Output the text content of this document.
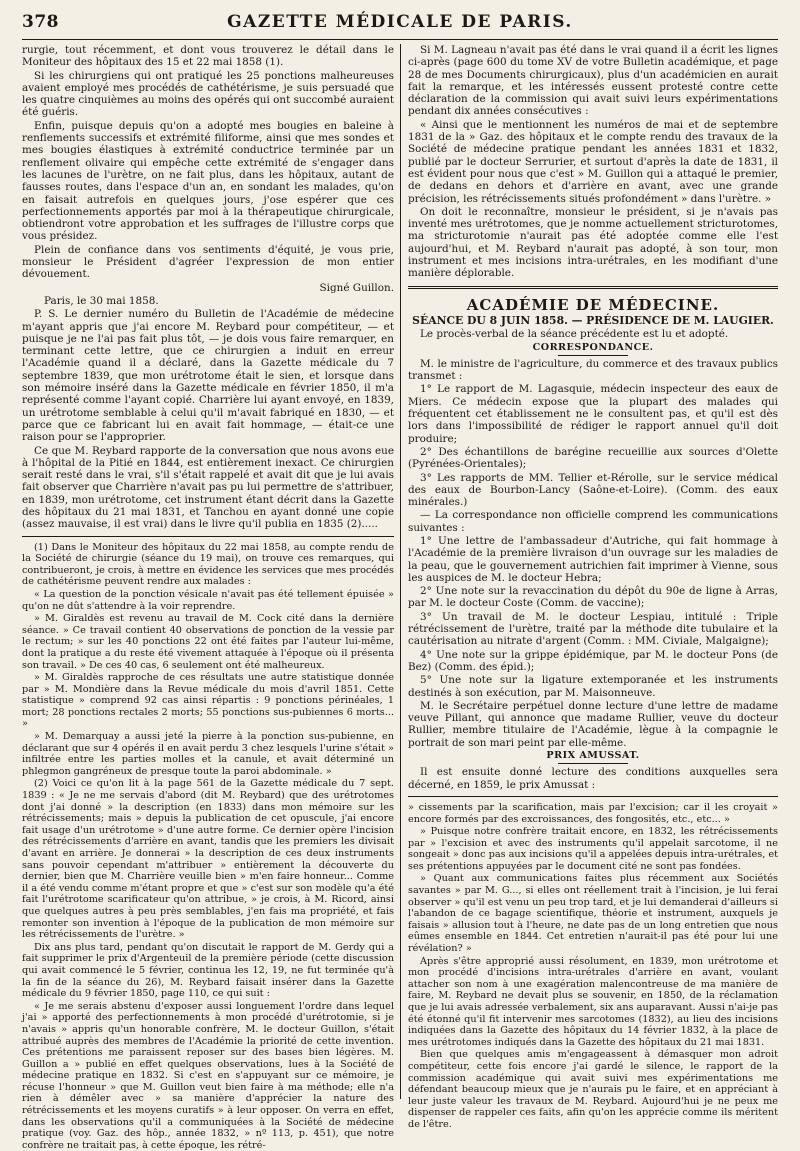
378	GAZETTE MÉDICALE DE PARIS.

rurgie, tout récemment, et dont vous trouverez le détail dans le Moniteur des hôpitaux des 15 et 22 mai 1858 (1).

Si les chirurgiens qui ont pratiqué les 25 ponctions malheureuses avaient employé mes procédés de cathétérisme, je suis persuadé que les quatre cinquièmes au moins des opérés qui ont succombé auraient été guéris.

Enfin, puisque depuis qu'on a adopté mes bougies en baleine à renflements successifs et extrémité filiforme, ainsi que mes sondes et mes bougies élastiques à extrémité conductrice terminée par un renflement olivaire qui empêche cette extrémité de s'engager dans les lacunes de l'urètre, on ne fait plus, dans les hôpitaux, autant de fausses routes, dans l'espace d'un an, en sondant les malades, qu'on en faisait autrefois en quelques jours, j'ose espérer que ces perfectionnements apportés par moi à la thérapeutique chirurgicale, obtiendront votre approbation et les suffrages de l'illustre corps que vous présidez.

Plein de confiance dans vos sentiments d'équité, je vous prie, monsieur le Président d'agréer l'expression de mon entier dévouement.

Signé Guillon.

Paris, le 30 mai 1858.

P. S. Le dernier numéro du Bulletin de l'Académie de médecine m'ayant appris que j'ai encore M. Reybard pour compétiteur, — et puisque je ne l'ai pas fait plus tôt, — je dois vous faire remarquer, en terminant cette lettre, que ce chirurgien a induit en erreur l'Académie quand il a déclaré, dans la Gazette médicale du 7 septembre 1839, que mon urétrotome était le sien, et lorsque dans son mémoire inséré dans la Gazette médicale en février 1850, il m'a représenté comme l'ayant copié. Charrière lui ayant envoyé, en 1839, un urétrotome semblable à celui qu'il m'avait fabriqué en 1830, — et parce que ce fabricant lui en avait fait hommage, — était-ce une raison pour se l'approprier.

Ce que M. Reybard rapporte de la conversation que nous avons eue à l'hôpital de la Pitié en 1844, est entièrement inexact. Ce chirurgien serait resté dans le vrai, s'il s'était rappelé et avait dit que je lui avais fait observer que Charrière n'avait pas pu lui permettre de s'attribuer, en 1839, mon urétrotome, cet instrument étant décrit dans la Gazette des hôpitaux du 21 mai 1831, et Tanchou en ayant donné une copie (assez mauvaise, il est vrai) dans le livre qu'il publia en 1835 (2).....

(1) Dans le Moniteur des hôpitaux du 22 mai 1858, au compte rendu de la Société de chirurgie (séance du 19 mai), on trouve ces remarques, qui contribueront, je crois, à mettre en évidence les services que mes procédés de cathétérisme peuvent rendre aux malades :

« La question de la ponction vésicale n'avait pas été tellement épuisée » qu'on ne dût s'attendre à la voir reprendre.

» M. Giraldès est revenu au travail de M. Cock cité dans la dernière séance. » Ce travail contient 40 observations de ponction de la vessie par le rectum; » sur les 40 ponctions 22 ont été faites par l'auteur lui-même, dont la pratique a du reste été vivement attaquée à l'époque où il présenta son travail. » De ces 40 cas, 6 seulement ont été malheureux.

» M. Giraldès rapproche de ces résultats une autre statistique donnée par » M. Mondière dans la Revue médicale du mois d'avril 1851. Cette statistique » comprend 92 cas ainsi répartis : 9 ponctions périnéales, 1 mort; 28 ponctions rectales 2 morts; 55 ponctions sus-pubiennes 6 morts... »

» M. Demarquay a aussi jeté la pierre à la ponction sus-pubienne, en déclarant que sur 4 opérés il en avait perdu 3 chez lesquels l'urine s'était » infiltrée entre les parties molles et la canule, et avait déterminé un phlegmon gangréneux de presque toute la paroi abdominale. »

(2) Voici ce qu'on lit à la page 561 de la Gazette médicale du 7 sept. 1839 : « Je ne me servais d'abord (dit M. Reybard) que des urétrotomes dont j'ai donné » la description (en 1833) dans mon mémoire sur les rétrécissements; mais » depuis la publication de cet opuscule, j'ai encore fait usage d'un urétrotome » d'une autre forme. Ce dernier opère l'incision des rétrécissements d'arrière en avant, tandis que les premiers les divisait d'avant en arrière. Je donnerai » la description de ces deux instruments sans pouvoir cependant m'attribuer » entièrement la découverte du dernier, bien que M. Charrière veuille bien » m'en faire honneur... Comme il a été vendu comme m'étant propre et que » c'est sur son modèle qu'a été fait l'urétrotome scarificateur qu'on attribue, » je crois, à M. Ricord, ainsi que quelques autres à peu près semblables, j'en fais ma propriété, et fais remonter son invention à l'époque de la publication de mon mémoire sur les rétrécissements de l'urètre. »

Dix ans plus tard, pendant qu'on discutait le rapport de M. Gerdy qui a fait supprimer le prix d'Argenteuil de la première période (cette discussion qui avait commencé le 5 février, continua les 12, 19, ne fut terminée qu'à la fin de la séance du 26), M. Reybard faisait insérer dans la Gazette médicale du 9 février 1850, page 110, ce qui suit :

« Je me serais abstenu d'exposer aussi longuement l'ordre dans lequel j'ai » apporté des perfectionnements à mon procédé d'urétrotomie, si je n'avais » appris qu'un honorable confrère, M. le docteur Guillon, s'était attribué auprès des membres de l'Académie la priorité de cette invention. Ces prétentions me paraissent reposer sur des bases bien légères. M. Guillon a » publié en effet quelques observations, lues à la Société de médecine pratique en 1832. Si c'est en s'appuyant sur ce mémoire, je récuse l'honneur » que M. Guillon veut bien faire à ma méthode; elle n'a rien à démêler avec » sa manière d'apprécier la nature des rétrécissements et les moyens curatifs » à leur opposer. On verra en effet, dans les observations qu'il a communiquées à la Société de médecine pratique (voy. Gaz. des hôp., année 1832, » nº 113, p. 451), que notre confrère ne traitait pas, à cette époque, les rétré-

Si M. Lagneau n'avait pas été dans le vrai quand il a écrit les lignes ci-après (page 600 du tome XV de votre Bulletin académique, et page 28 de mes Documents chirurgicaux), plus d'un académicien en aurait fait la remarque, et les intéressés eussent protesté contre cette déclaration de la commission qui avait suivi leurs expérimentations pendant dix années consécutives :

« Ainsi que le mentionnent les numéros de mai et de septembre 1831 de la » Gaz. des hôpitaux et le compte rendu des travaux de la Société de médecine pratique pendant les années 1831 et 1832, publié par le docteur Serrurier, et surtout d'après la date de 1831, il est évident pour nous que c'est » M. Guillon qui a attaqué le premier, de dedans en dehors et d'arrière en avant, avec une grande précision, les rétrécissements situés profondément » dans l'urètre. »

On doit le reconnaître, monsieur le président, si je n'avais pas inventé mes urétrotomes, que je nomme actuellement stricturotomes, ma stricturotomie n'aurait pas été adoptée comme elle l'est aujourd'hui, et M. Reybard n'aurait pas adopté, à son tour, mon instrument et mes incisions intra-urétrales, en les modifiant d'une manière déplorable.

ACADÉMIE DE MÉDECINE.

SÉANCE DU 8 JUIN 1858. — PRÉSIDENCE DE M. LAUGIER.

Le procès-verbal de la séance précédente est lu et adopté.

CORRESPONDANCE.

M. le ministre de l'agriculture, du commerce et des travaux publics transmet :

1° Le rapport de M. Lagasquie, médecin inspecteur des eaux de Miers. Ce médecin expose que la plupart des malades qui fréquentent cet établissement ne le consultent pas, et qu'il est dès lors dans l'impossibilité de rédiger le rapport annuel qu'il doit produire;

2° Des échantillons de barégine recueillie aux sources d'Olette (Pyrénées-Orientales);

3° Les rapports de MM. Tellier et-Rérolle, sur le service médical des eaux de Bourbon-Lancy (Saône-et-Loire). (Comm. des eaux minérales.)

— La correspondance non officielle comprend les communications suivantes :

1° Une lettre de l'ambassadeur d'Autriche, qui fait hommage à l'Académie de la première livraison d'un ouvrage sur les maladies de la peau, que le gouvernement autrichien fait imprimer à Vienne, sous les auspices de M. le docteur Hebra;

2° Une note sur la revaccination du dépôt du 90e de ligne à Arras, par M. le docteur Coste (Comm. de vaccine);

3° Un travail de M. le docteur Lespiau, intitulé : Triple rétrécissement de l'urètre, traité par la méthode dite tubulaire et la cautérisation au nitrate d'argent (Comm. : MM. Civiale, Malgaigne);

4° Une note sur la grippe épidémique, par M. le docteur Pons (de Bez) (Comm. des épid.);

5° Une note sur la ligature extemporanée et les instruments destinés à son exécution, par M. Maisonneuve.

M. le Secrétaire perpétuel donne lecture d'une lettre de madame veuve Pillant, qui annonce que madame Rullier, veuve du docteur Rullier, membre titulaire de l'Académie, lègue à la compagnie le portrait de son mari peint par elle-même.

PRIX AMUSSAT.

Il est ensuite donné lecture des conditions auxquelles sera décerné, en 1859, le prix Amussat :

» cissements par la scarification, mais par l'excision; car il les croyait » encore formés par des excroissances, des fongosités, etc., etc... »

» Puisque notre confrère traitait encore, en 1832, les rétrécissements par » l'excision et avec des instruments qu'il appelait sarcotome, il ne songeait » donc pas aux incisions qu'il a appelées depuis intra-urétrales, et ses prétentions appuyées par le document cité ne sont pas fondées.

» Quant aux communications faites plus récemment aux Sociétés savantes » par M. G..., si elles ont réellement trait à l'incision, je lui ferai observer » qu'il est venu un peu trop tard, et je lui demanderai d'ailleurs si l'abandon de ce bagage scientifique, théorie et instrument, auxquels je faisais » allusion tout à l'heure, ne date pas de un long entretien que nous eûmes ensemble en 1844. Cet entretien n'aurait-il pas été pour lui une révélation? »

Après s'être approprié aussi résolument, en 1839, mon urétrotome et mon procédé d'incisions intra-urétrales d'arrière en avant, voulant attacher son nom à une exagération malencontreuse de ma manière de faire, M. Reybard ne devait plus se souvenir, en 1850, de la réclamation que je lui avais adressée verbalement, six ans auparavant. Aussi n'ai-je pas été étonné qu'il fit intervenir mes sarcotomes (1832), au lieu des incisions indiquées dans la Gazette des hôpitaux du 14 février 1832, à la place de mes urétrotomes indiqués dans la Gazette des hôpitaux du 21 mai 1831.

Bien que quelques amis m'engageassent à démasquer mon adroit compétiteur, cette fois encore j'ai gardé le silence, le rapport de la commission académique qui avait suivi mes expérimentations me défendant beaucoup mieux que je n'aurais pu le faire, et en appréciant à leur juste valeur les travaux de M. Reybard. Aujourd'hui je ne peux me dispenser de rappeler ces faits, afin qu'on les apprécie comme ils méritent de l'être.
